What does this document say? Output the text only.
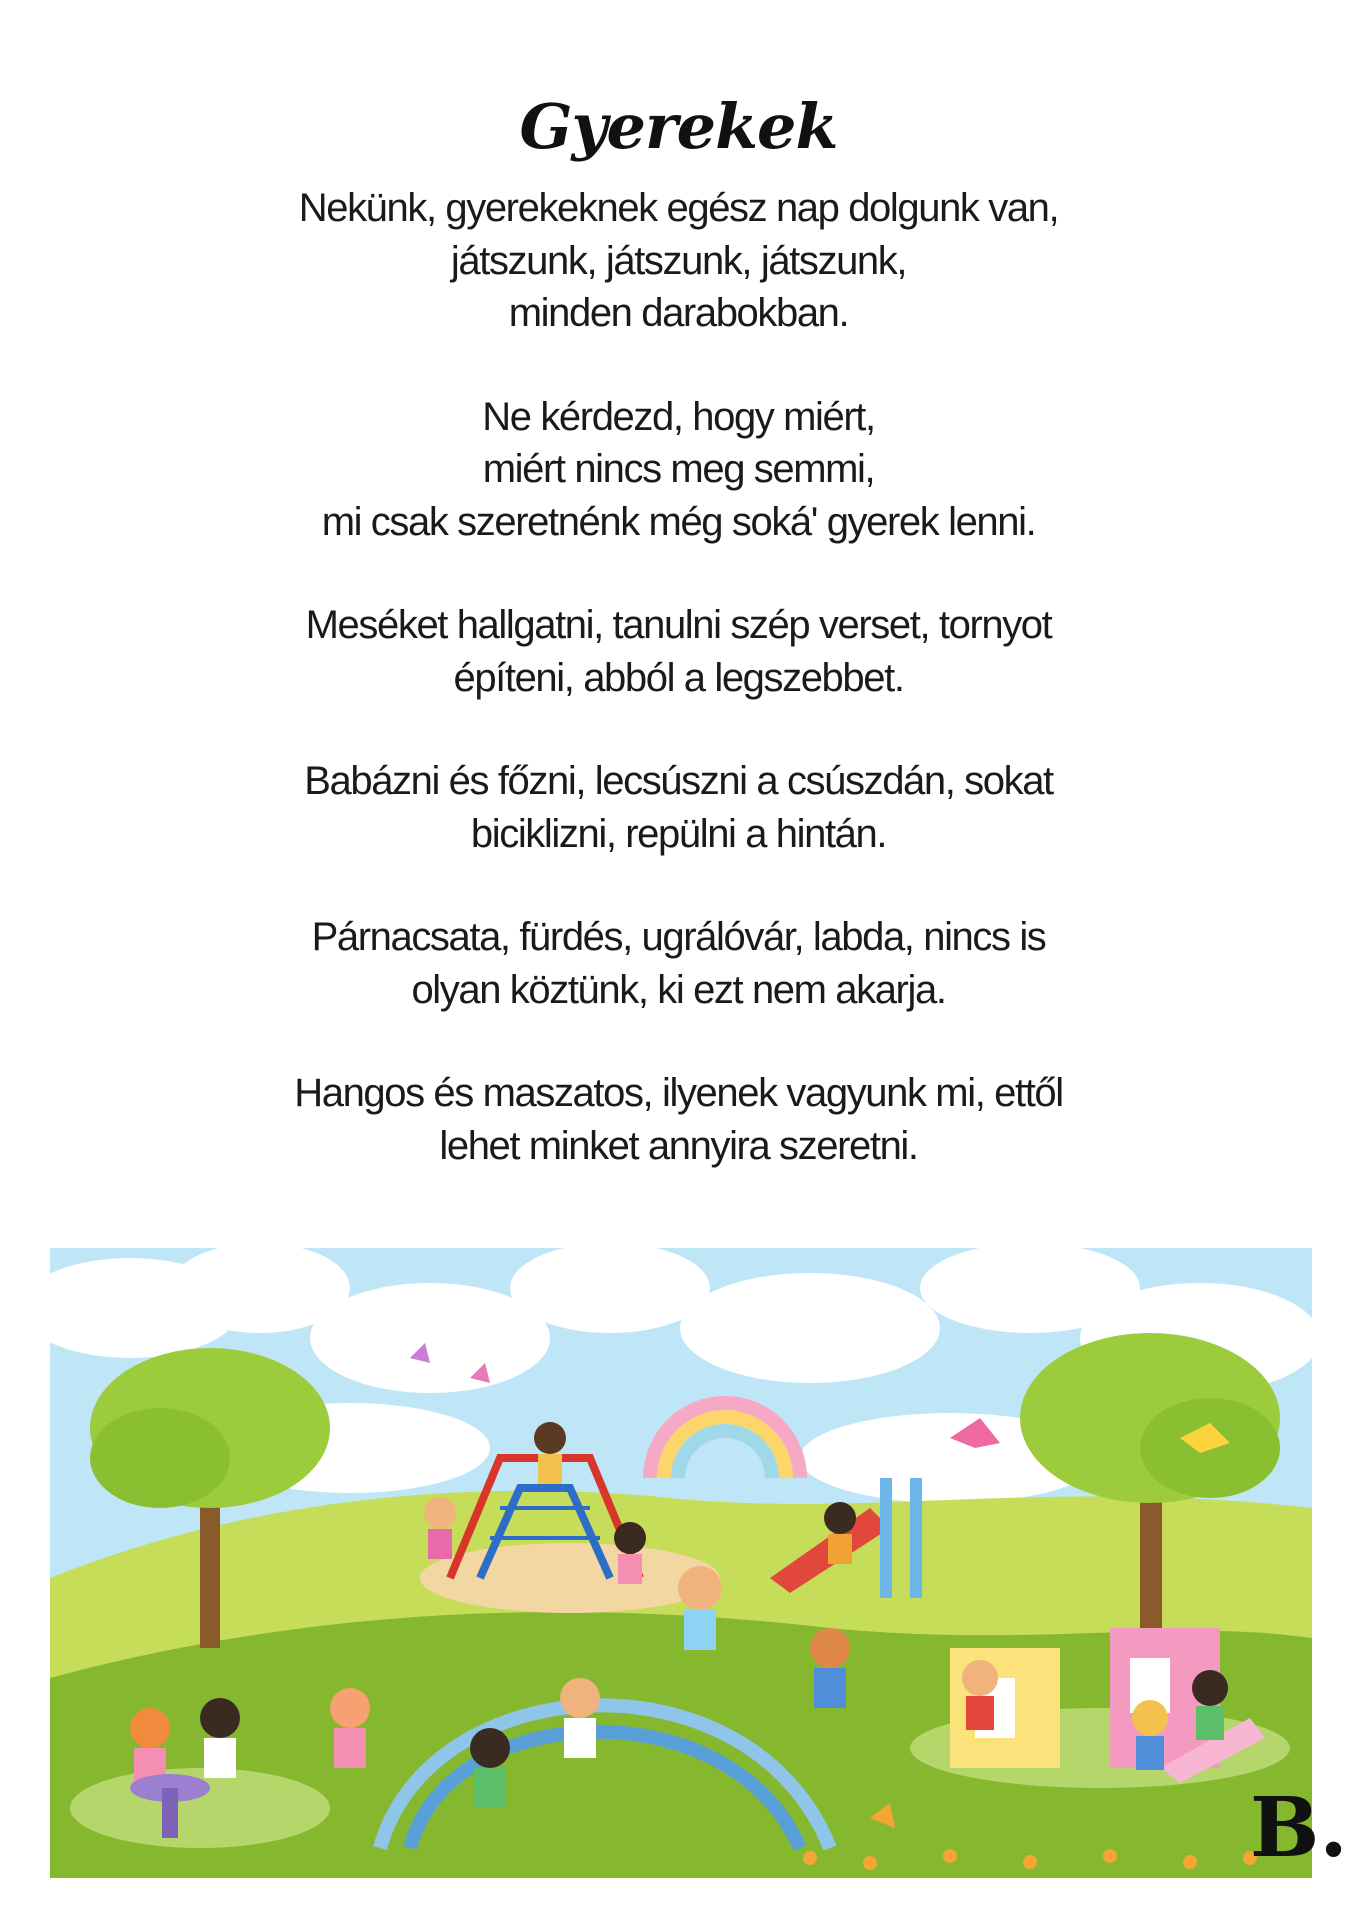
Gyerekek
Nekünk, gyerekeknek egész nap dolgunk van,
játszunk, játszunk, játszunk,
minden darabokban.
Ne kérdezd, hogy miért,
miért nincs meg semmi,
mi csak szeretnénk még soká' gyerek lenni.
Meséket hallgatni, tanulni szép verset, tornyot
építeni, abból a legszebbet.
Babázni és főzni, lecsúszni a csúszdán, sokat
biciklizni, repülni a hintán.
Párnacsata, fürdés, ugrálóvár, labda, nincs is
olyan köztünk, ki ezt nem akarja.
Hangos és maszatos, ilyenek vagyunk mi, ettől
lehet minket annyira szeretni.
B.
